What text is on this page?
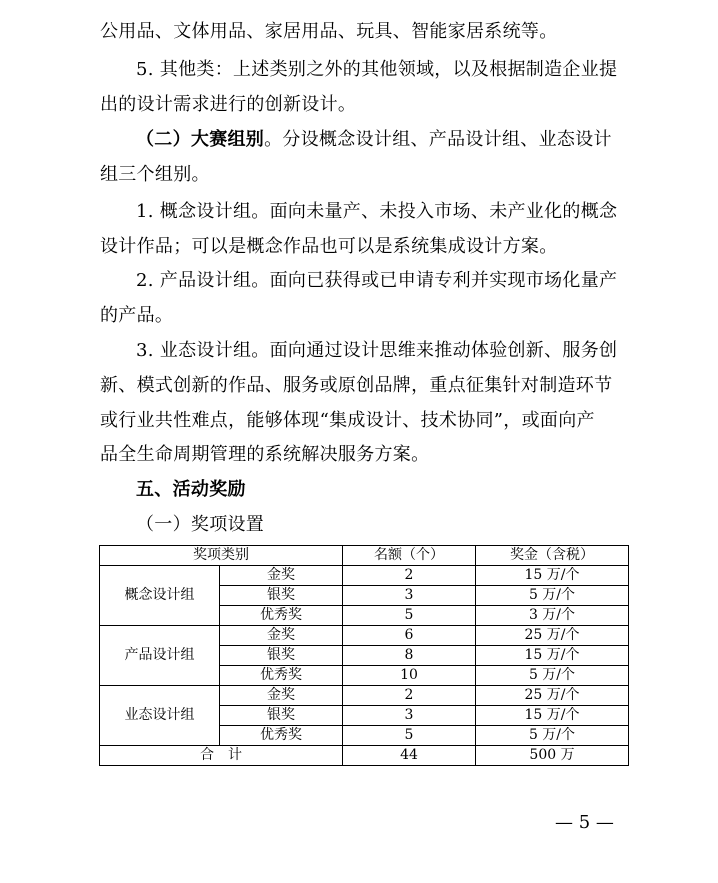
公用品、文体用品、家居用品、玩具、智能家居系统等。
5. 其他类：上述类别之外的其他领域，以及根据制造企业提
出的设计需求进行的创新设计。
（二）大赛组别。分设概念设计组、产品设计组、业态设计
组三个组别。
1. 概念设计组。面向未量产、未投入市场、未产业化的概念
设计作品；可以是概念作品也可以是系统集成设计方案。
2. 产品设计组。面向已获得或已申请专利并实现市场化量产
的产品。
3. 业态设计组。面向通过设计思维来推动体验创新、服务创
新、模式创新的作品、服务或原创品牌，重点征集针对制造环节
或行业共性难点，能够体现“集成设计、技术协同”，或面向产
品全生命周期管理的系统解决服务方案。
五、活动奖励
（一）奖项设置
奖项类别		名额（个）	奖金（含税）
概念设计组	金奖	2	15 万/个
	银奖	3	5 万/个
	优秀奖	5	3 万/个
产品设计组	金奖	6	25 万/个
	银奖	8	15 万/个
	优秀奖	10	5 万/个
业态设计组	金奖	2	25 万/个
	银奖	3	15 万/个
	优秀奖	5	5 万/个
合　计		44	500 万
— 5 —
